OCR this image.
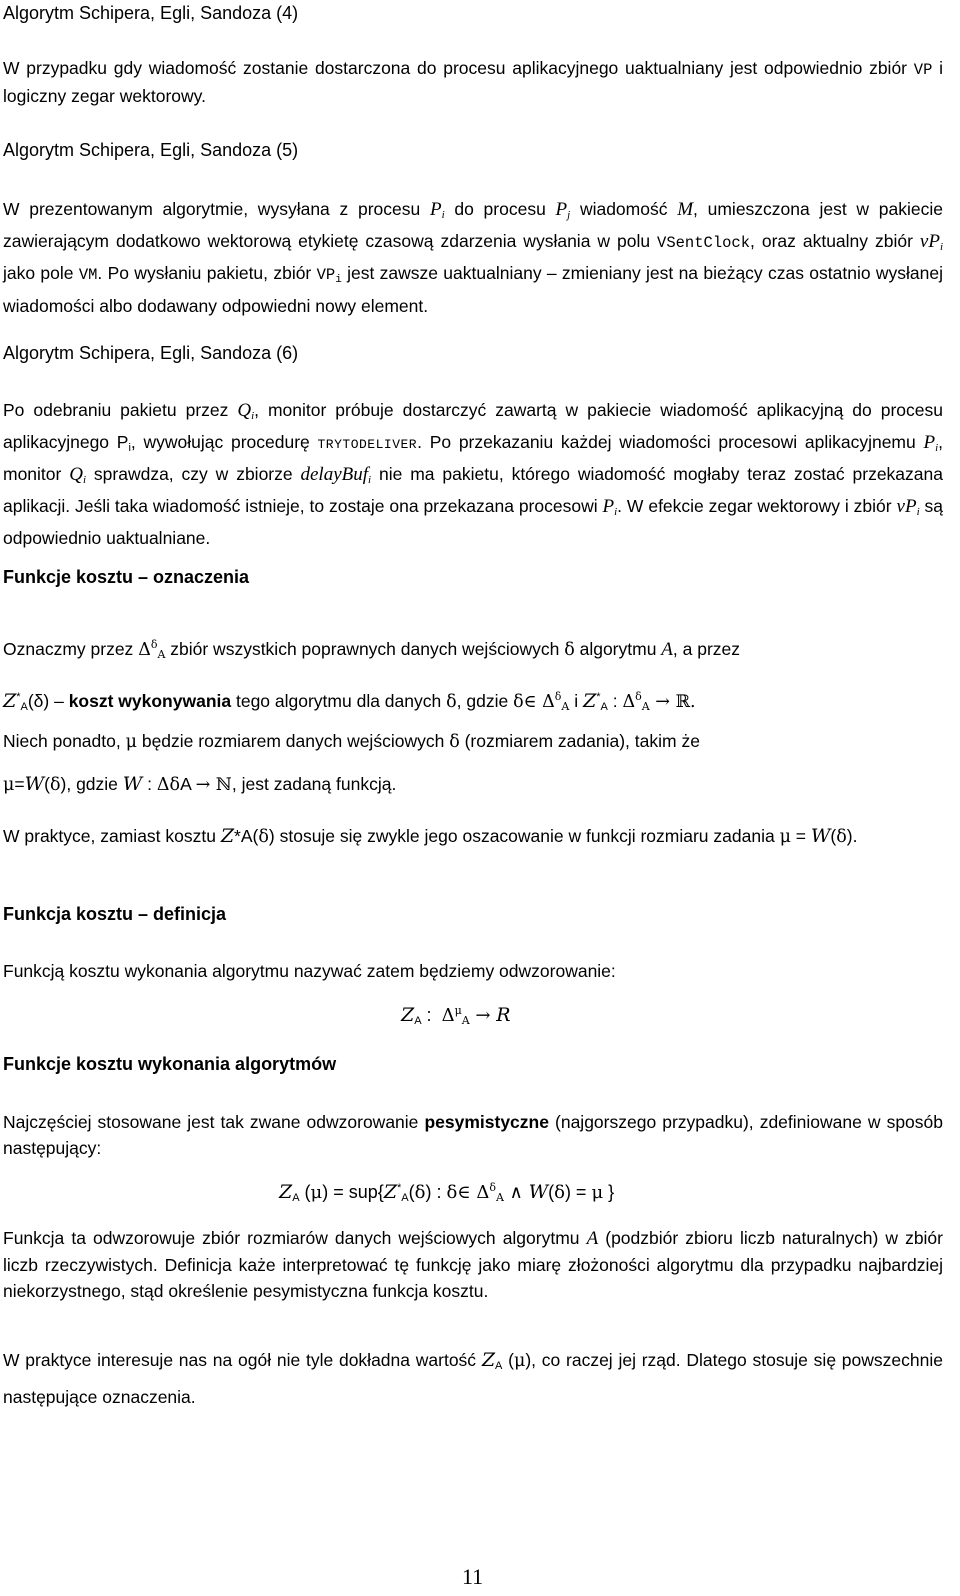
Algorytm Schipera, Egli, Sandoza (4)

W przypadku gdy wiadomość zostanie dostarczona do procesu aplikacyjnego uaktualniany jest odpowiednio zbiór VP i logiczny zegar wektorowy.

Algorytm Schipera, Egli, Sandoza (5)

W prezentowanym algorytmie, wysyłana z procesu $P_i$ do procesu $P_j$ wiadomość M, umieszczona jest w pakiecie zawierającym dodatkowo wektorową etykietę czasową zdarzenia wysłania w polu VSentClock, oraz aktualny zbiór $vP_i$ jako pole VM. Po wysłaniu pakietu, zbiór $VP_i$ jest zawsze uaktualniany – zmieniany jest na bieżący czas ostatnio wysłanej wiadomości albo dodawany odpowiedni nowy element.

Algorytm Schipera, Egli, Sandoza (6)

Po odebraniu pakietu przez $Q_i$, monitor próbuje dostarczyć zawartą w pakiecie wiadomość aplikacyjną do procesu aplikacyjnego $P_i$, wywołując procedurę TRYTODELIVER. Po przekazaniu każdej wiadomości procesowi aplikacyjnemu $P_i$, monitor $Q_i$ sprawdza, czy w zbiorze delayBuf$_i$ nie ma pakietu, którego wiadomość mogłaby teraz zostać przekazana aplikacji. Jeśli taka wiadomość istnieje, to zostaje ona przekazana procesowi $P_i$. W efekcie zegar wektorowy i zbiór $vP_i$ są odpowiednio uaktualniane.

Funkcje kosztu – oznaczenia

Oznaczmy przez $\Delta^\delta_A$ zbiór wszystkich poprawnych danych wejściowych δ algorytmu A, a przez
$Z^*_A(\delta)$ – koszt wykonywania tego algorytmu dla danych δ, gdzie δ∈ $\Delta^\delta_A$ i $Z^*_A$ : $\Delta^\delta_A$ → ℝ.

Niech ponadto, μ będzie rozmiarem danych wejściowych δ (rozmiarem zadania), takim że
μ=W(δ), gdzie W : ΔδA → ℕ, jest zadaną funkcją.

W praktyce, zamiast kosztu Z*A(δ) stosuje się zwykle jego oszacowanie w funkcji rozmiaru zadania μ = W(δ).

Funkcja kosztu – definicja

Funkcją kosztu wykonania algorytmu nazywać zatem będziemy odwzorowanie:

$Z_A$ :  $\Delta^\mu_A \to R$

Funkcje kosztu wykonania algorytmów

Najczęściej stosowane jest tak zwane odwzorowanie pesymistyczne (najgorszego przypadku), zdefiniowane w sposób następujący:

$Z_A$ $(\mu) = sup\{Z^*_A(\delta)$ : δ∈ $\Delta^\delta_A$ ∧ W(δ) = μ }

Funkcja ta odwzorowuje zbiór rozmiarów danych wejściowych algorytmu A (podzbiór zbioru liczb naturalnych) w zbiór liczb rzeczywistych. Definicja każe interpretować tę funkcję jako miarę złożoności algorytmu dla przypadku najbardziej niekorzystnego, stąd określenie pesymistyczna funkcja kosztu.

W praktyce interesuje nas na ogół nie tyle dokładna wartość $Z_A$ (μ), co raczej jej rząd. Dlatego stosuje się powszechnie następujące oznaczenia.

11
